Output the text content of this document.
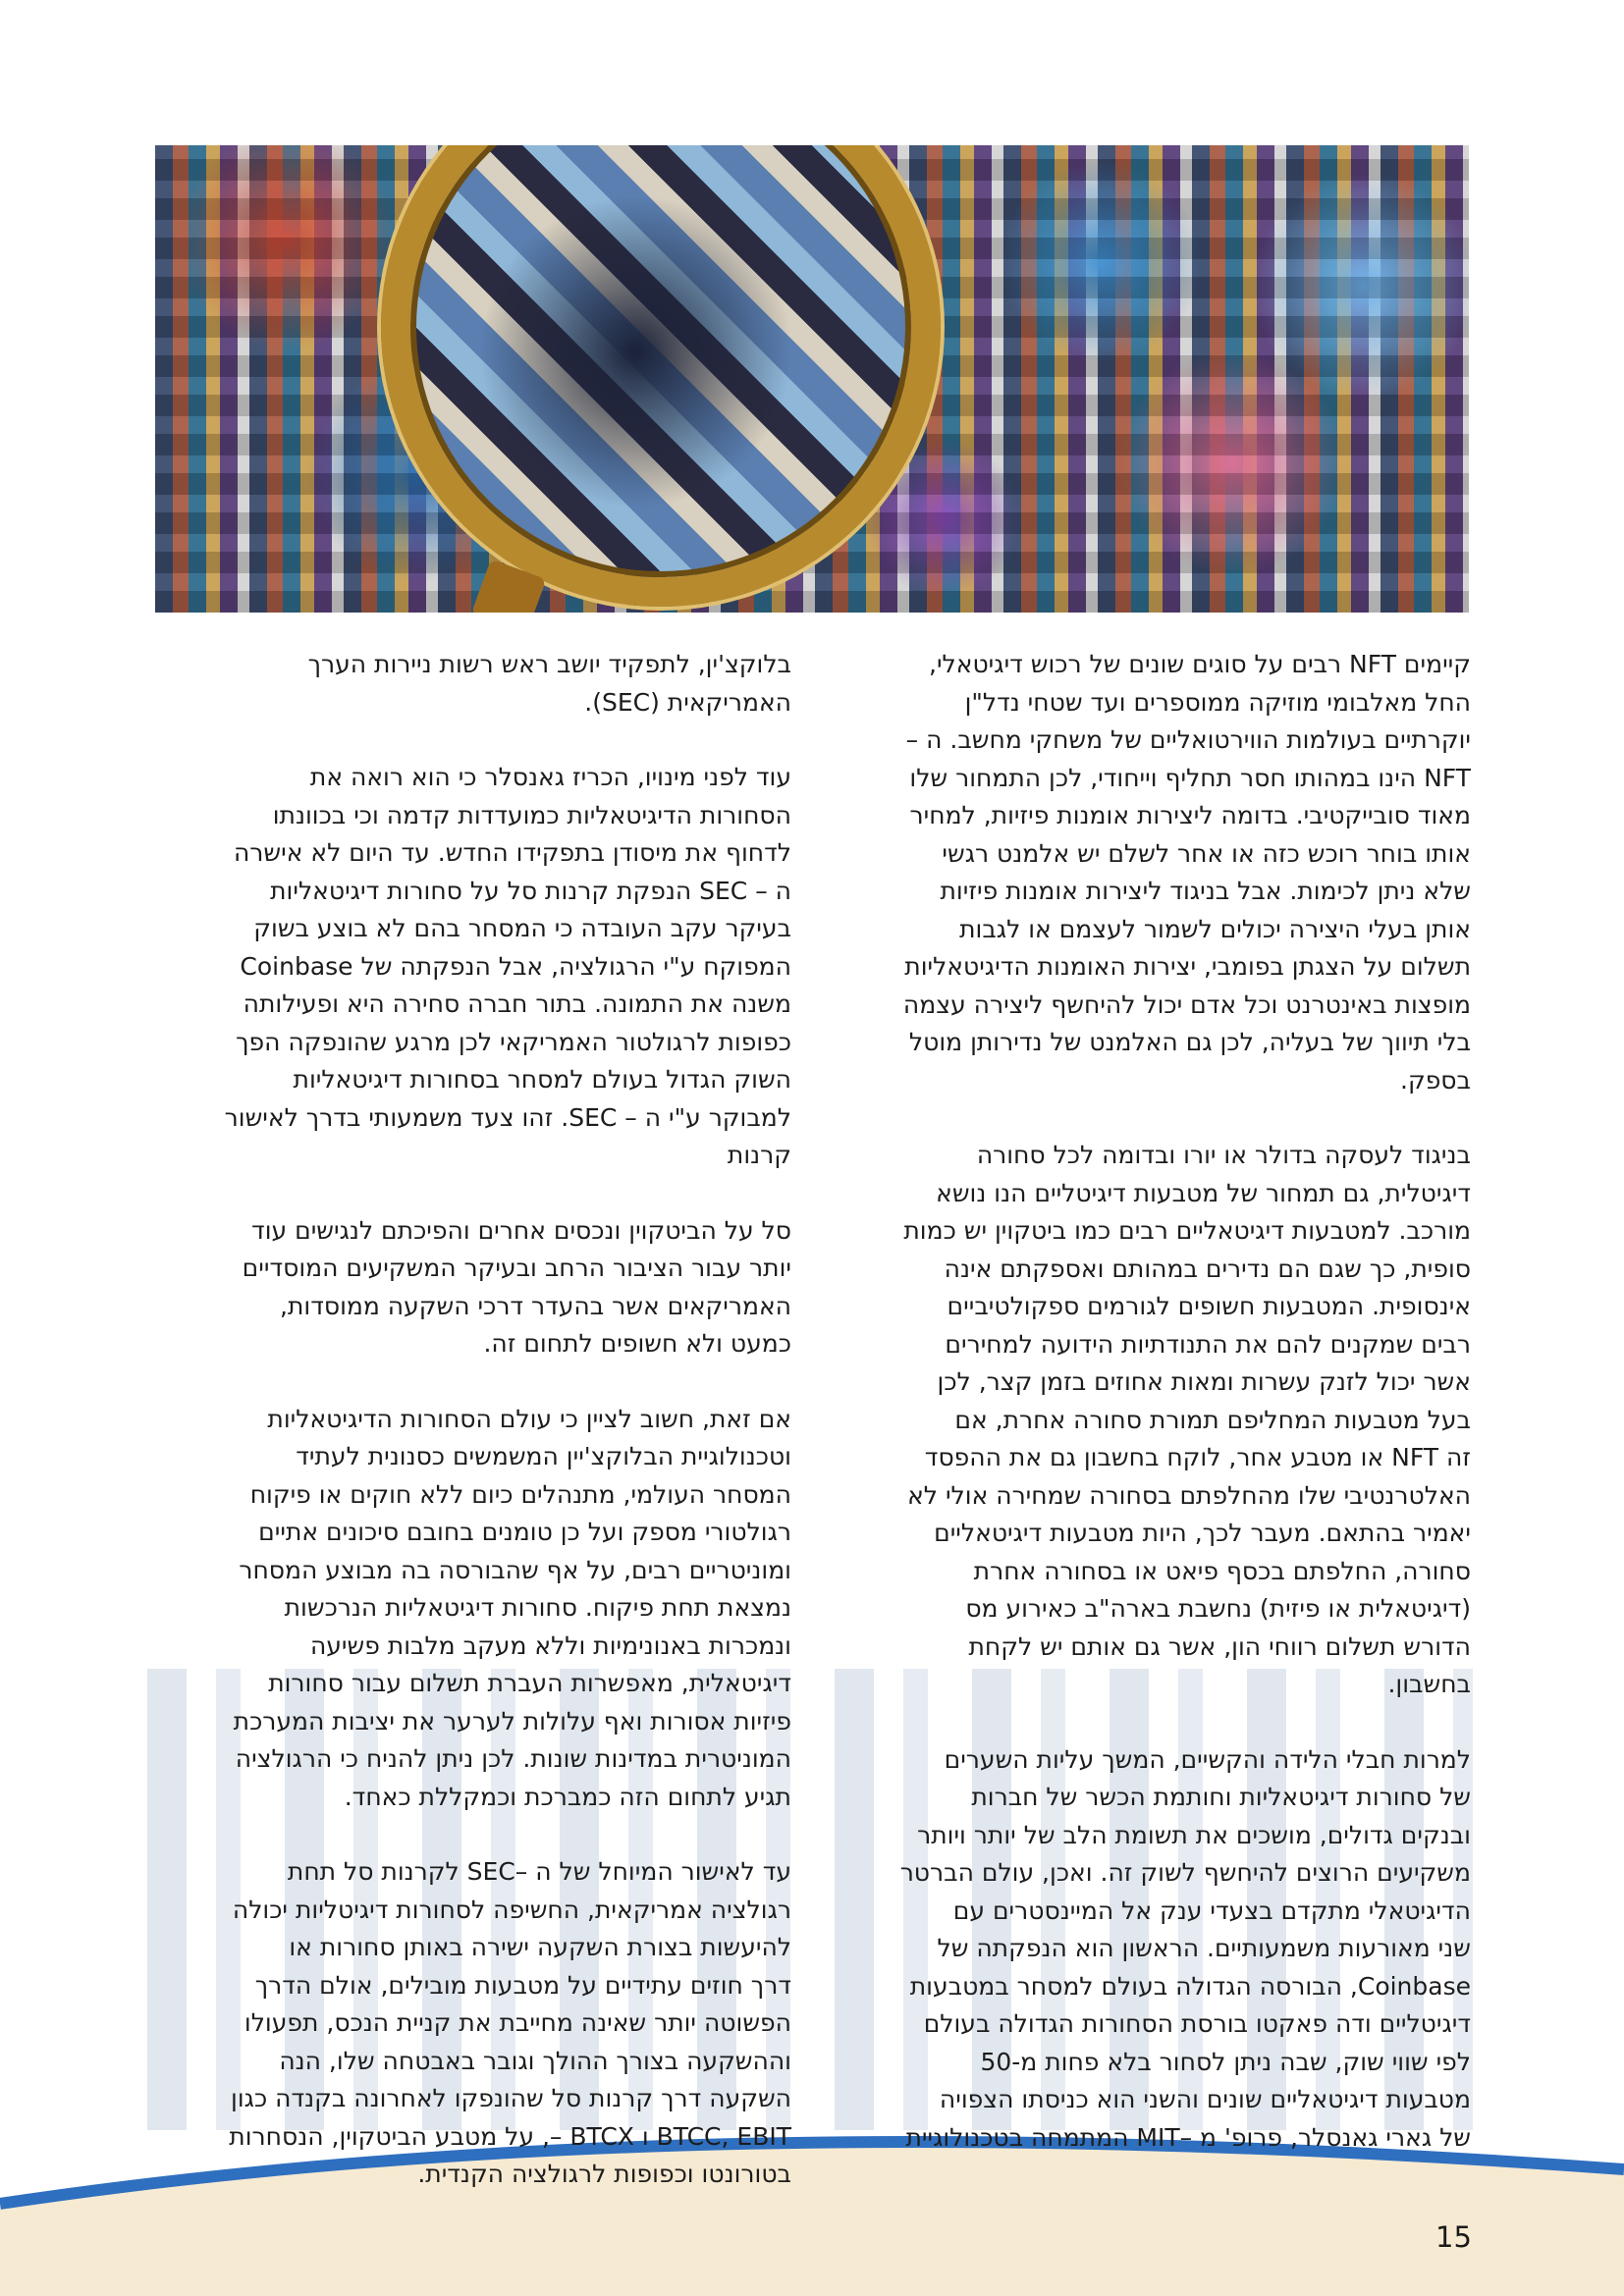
קיימים NFT רבים על סוגים שונים של רכוש דיגיטאלי,
החל מאלבומי מוזיקה ממוספרים ועד שטחי נדל"ן
יוקרתיים בעולמות הווירטואליים של משחקי מחשב. ה –
NFT הינו במהותו חסר תחליף וייחודי, לכן התמחור שלו
מאוד סובייקטיבי. בדומה ליצירות אומנות פיזיות, למחיר
אותו בוחר רוכש כזה או אחר לשלם יש אלמנט רגשי
שלא ניתן לכימות. אבל בניגוד ליצירות אומנות פיזיות
אותן בעלי היצירה יכולים לשמור לעצמם או לגבות
תשלום על הצגתן בפומבי, יצירות האומנות הדיגיטאליות
מופצות באינטרנט וכל אדם יכול להיחשף ליצירה עצמה
בלי תיווך של בעליה, לכן גם האלמנט של נדירותן מוטל
בספק.

בניגוד לעסקה בדולר או יורו ובדומה לכל סחורה
דיגיטלית, גם תמחור של מטבעות דיגיטליים הנו נושא
מורכב. למטבעות דיגיטאליים רבים כמו ביטקוין יש כמות
סופית, כך שגם הם נדירים במהותם ואספקתם אינה
אינסופית. המטבעות חשופים לגורמים ספקולטיביים
רבים שמקנים להם את התנודתיות הידועה למחירים
אשר יכול לזנק עשרות ומאות אחוזים בזמן קצר, לכן
בעל מטבעות המחליפם תמורת סחורה אחרת, אם
זה NFT או מטבע אחר, לוקח בחשבון גם את ההפסד
האלטרנטיבי שלו מהחלפתם בסחורה שמחירה אולי לא
יאמיר בהתאם. מעבר לכך, היות מטבעות דיגיטאליים
סחורה, החלפתם בכסף פיאט או בסחורה אחרת
(דיגיטאלית או פיזית) נחשבת בארה"ב כאירוע מס
הדורש תשלום רווחי הון, אשר גם אותם יש לקחת
בחשבון.

למרות חבלי הלידה והקשיים, המשך עליות השערים
של סחורות דיגיטאליות וחותמת הכשר של חברות
ובנקים גדולים, מושכים את תשומת הלב של יותר ויותר
משקיעים הרוצים להיחשף לשוק זה. ואכן, עולם הברטר
הדיגיטאלי מתקדם בצעדי ענק אל המיינסטרים עם
שני מאורעות משמעותיים. הראשון הוא הנפקתה של
Coinbase, הבורסה הגדולה בעולם למסחר במטבעות
דיגיטליים ודה פאקטו בורסת הסחורות הגדולה בעולם
לפי שווי שוק, שבה ניתן לסחור בלא פחות מ-50
מטבעות דיגיטאליים שונים והשני הוא כניסתו הצפויה
של גארי גאנסלר, פרופ' מ –MIT המתמחה בטכנולוגיית

בלוקצ'ין, לתפקיד יושב ראש רשות ניירות הערך
האמריקאית (SEC).

עוד לפני מינויו, הכריז גאנסלר כי הוא רואה את
הסחורות הדיגיטאליות כמועדדות קדמה וכי בכוונתו
לדחוף את מיסודן בתפקידו החדש. עד היום לא אישרה
ה – SEC הנפקת קרנות סל על סחורות דיגיטאליות
בעיקר עקב העובדה כי המסחר בהם לא בוצע בשוק
המפוקח ע"י הרגולציה, אבל הנפקתה של Coinbase
משנה את התמונה. בתור חברה סחירה היא ופעילותה
כפופות לרגולטור האמריקאי לכן מרגע שהונפקה הפך
השוק הגדול בעולם למסחר בסחורות דיגיטאליות
למבוקר ע"י ה – SEC. זהו צעד משמעותי בדרך לאישור
קרנות

סל על הביטקוין ונכסים אחרים והפיכתם לנגישים עוד
יותר עבור הציבור הרחב ובעיקר המשקיעים המוסדיים
האמריקאים אשר בהעדר דרכי השקעה ממוסדות,
כמעט ולא חשופים לתחום זה.

אם זאת, חשוב לציין כי עולם הסחורות הדיגיטאליות
וטכנולוגיית הבלוקצ'יין המשמשים כסנונית לעתיד
המסחר העולמי, מתנהלים כיום ללא חוקים או פיקוח
רגולטורי מספק ועל כן טומנים בחובם סיכונים אתיים
ומוניטריים רבים, על אף שהבורסה בה מבוצע המסחר
נמצאת תחת פיקוח. סחורות דיגיטאליות הנרכשות
ונמכרות באנונימיות וללא מעקב מלבות פשיעה
דיגיטאלית, מאפשרות העברת תשלום עבור סחורות
פיזיות אסורות ואף עלולות לערער את יציבות המערכת
המוניטרית במדינות שונות. לכן ניתן להניח כי הרגולציה
תגיע לתחום הזה כמברכת וכמקללת כאחד.

עד לאישור המיוחל של ה –SEC לקרנות סל תחת
רגולציה אמריקאית, החשיפה לסחורות דיגיטליות יכולה
להיעשות בצורת השקעה ישירה באותן סחורות או
דרך חוזים עתידיים על מטבעות מובילים, אולם הדרך
הפשוטה יותר שאינה מחייבת את קניית הנכס, תפעולו
וההשקעה בצורך ההולך וגובר באבטחה שלו, הנה
השקעה דרך קרנות סל שהונפקו לאחרונה בקנדה כגון
BTCC, EBIT ו BTCX –, על מטבע הביטקוין, הנסחרות
בטורונטו וכפופות לרגולציה הקנדית.

15
